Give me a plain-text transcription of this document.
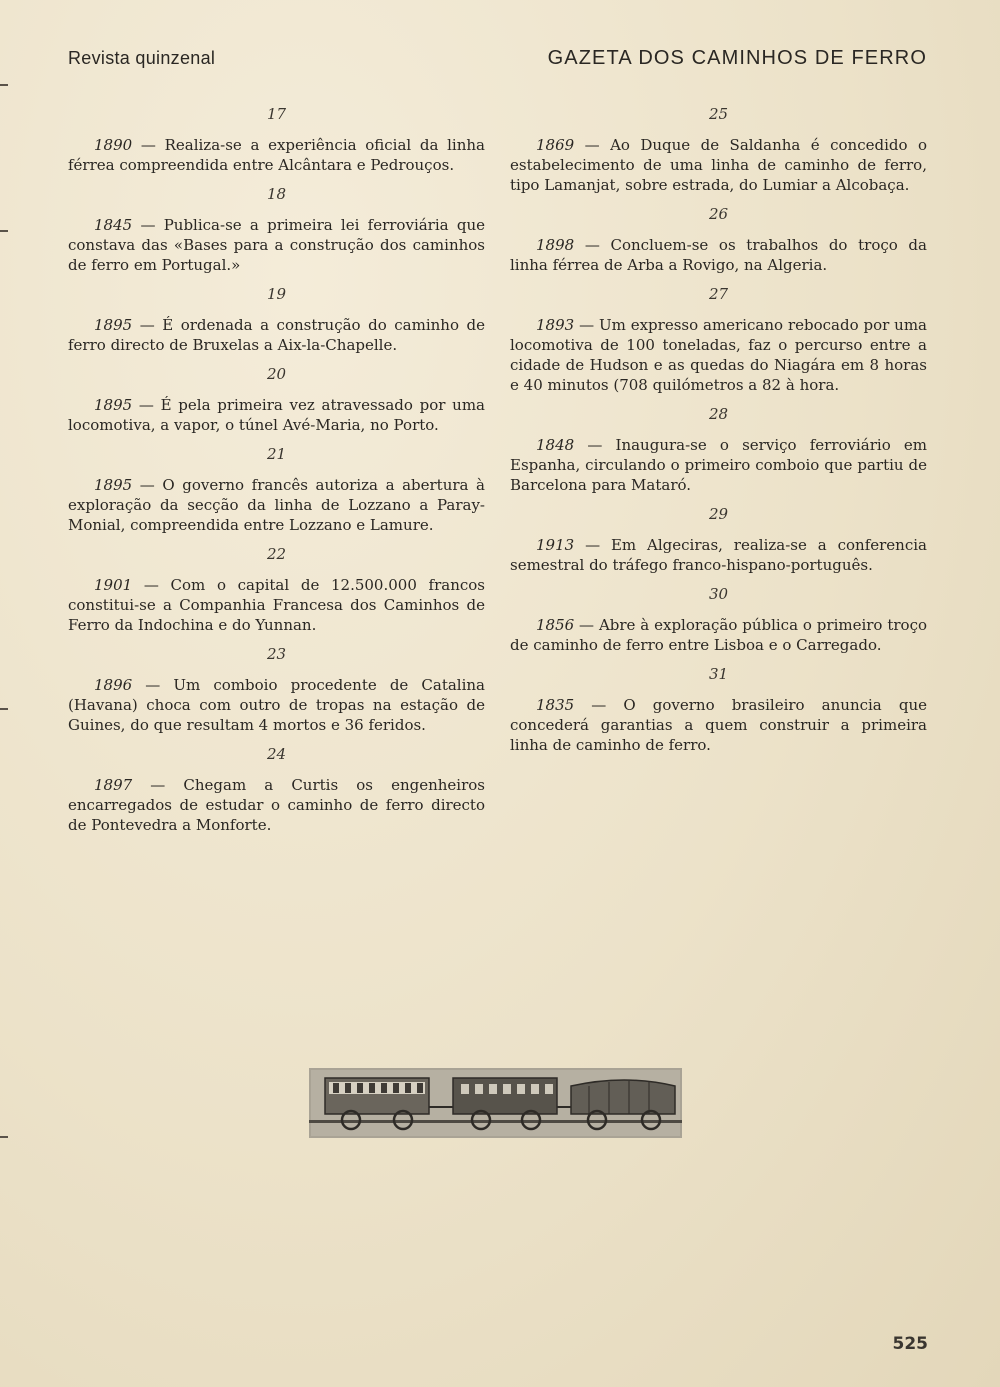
Revista quinzenal	GAZETA DOS CAMINHOS DE FERRO
17

1890 — Realiza-se a experiência oficial da linha férrea compreendida entre Alcântara e Pedrouços.

18

1845 — Publica-se a primeira lei ferroviária que constava das «Bases para a construção dos caminhos de ferro em Portugal.»

19

1895 — É ordenada a construção do caminho de ferro directo de Bruxelas a Aix-la-Chapelle.

20

1895 — É pela primeira vez atravessado por uma locomotiva, a vapor, o túnel Avé-Maria, no Porto.

21

1895 — O governo francês autoriza a abertura à exploração da secção da linha de Lozzano a Paray-Monial, compreendida entre Lozzano e Lamure.

22

1901 — Com o capital de 12.500.000 francos constitui-se a Companhia Francesa dos Caminhos de Ferro da Indochina e do Yunnan.

23

1896 — Um comboio procedente de Catalina (Havana) choca com outro de tropas na estação de Guines, do que resultam 4 mortos e 36 feridos.

24

1897 — Chegam a Curtis os engenheiros encarregados de estudar o caminho de ferro directo de Pontevedra a Monforte.

25

1869 — Ao Duque de Saldanha é concedido o estabelecimento de uma linha de caminho de ferro, tipo Lamanjat, sobre estrada, do Lumiar a Alcobaça.

26

1898 — Concluem-se os trabalhos do troço da linha férrea de Arba a Rovigo, na Algeria.

27

1893 — Um expresso americano rebocado por uma locomotiva de 100 toneladas, faz o percurso entre a cidade de Hudson e as quedas do Niagára em 8 horas e 40 minutos (708 quilómetros a 82 à hora.

28

1848 — Inaugura-se o serviço ferroviário em Espanha, circulando o primeiro comboio que partiu de Barcelona para Mataró.

29

1913 — Em Algeciras, realiza-se a conferencia semestral do tráfego franco-hispano-português.

30

1856 — Abre à exploração pública o primeiro troço de caminho de ferro entre Lisboa e o Carregado.

31

1835 — O governo brasileiro anuncia que concederá garantias a quem construir a primeira linha de caminho de ferro.

525
